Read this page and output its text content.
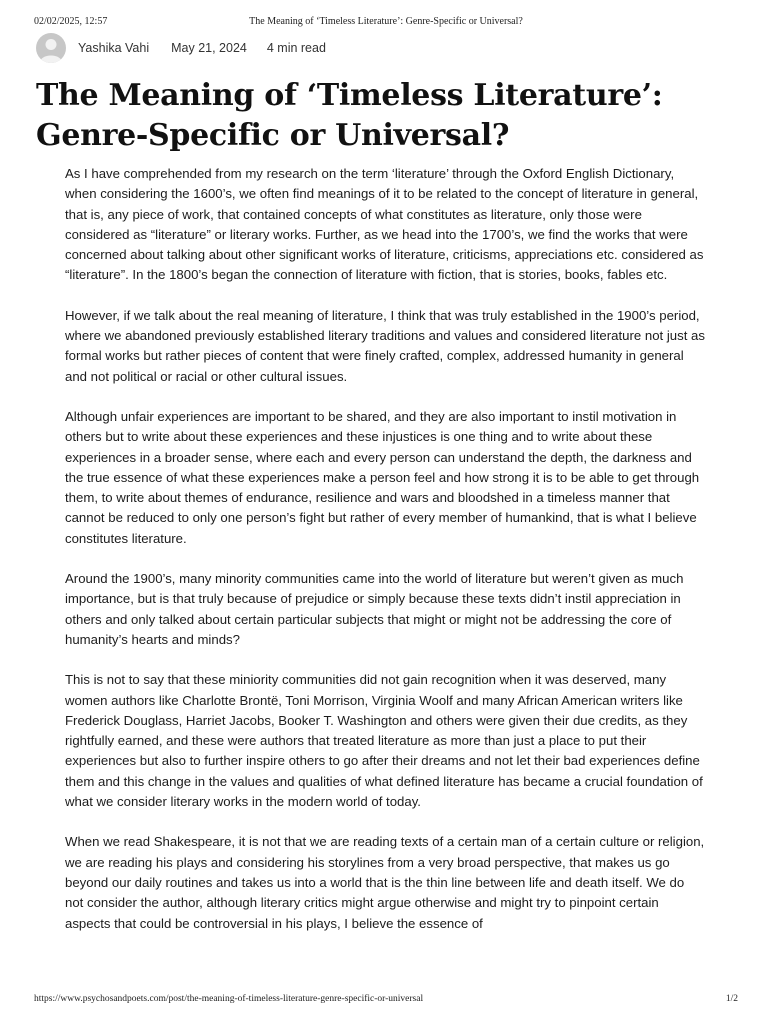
02/02/2025, 12:57	The Meaning of ‘Timeless Literature’: Genre-Specific or Universal?
Yashika Vahi May 21, 2024 4 min read
The Meaning of ‘Timeless Literature’: Genre-Specific or Universal?

As I have comprehended from my research on the term ‘literature’ through the Oxford English Dictionary, when considering the 1600’s, we often find meanings of it to be related to the concept of literature in general, that is, any piece of work, that contained concepts of what constitutes as literature, only those were considered as “literature” or literary works. Further, as we head into the 1700’s, we find the works that were concerned about talking about other significant works of literature, criticisms, appreciations etc. considered as “literature”. In the 1800’s began the connection of literature with fiction, that is stories, books, fables etc.

However, if we talk about the real meaning of literature, I think that was truly established in the 1900’s period, where we abandoned previously established literary traditions and values and considered literature not just as formal works but rather pieces of content that were finely crafted, complex, addressed humanity in general and not political or racial or other cultural issues.

Although unfair experiences are important to be shared, and they are also important to instil motivation in others but to write about these experiences and these injustices is one thing and to write about these experiences in a broader sense, where each and every person can understand the depth, the darkness and the true essence of what these experiences make a person feel and how strong it is to be able to get through them, to write about themes of endurance, resilience and wars and bloodshed in a timeless manner that cannot be reduced to only one person’s fight but rather of every member of humankind, that is what I believe constitutes literature.

Around the 1900’s, many minority communities came into the world of literature but weren’t given as much importance, but is that truly because of prejudice or simply because these texts didn’t instil appreciation in others and only talked about certain particular subjects that might or might not be addressing the core of humanity’s hearts and minds?

This is not to say that these miniority communities did not gain recognition when it was deserved, many women authors like Charlotte Brontë, Toni Morrison, Virginia Woolf and many African American writers like Frederick Douglass, Harriet Jacobs, Booker T. Washington and others were given their due credits, as they rightfully earned, and these were authors that treated literature as more than just a place to put their experiences but also to further inspire others to go after their dreams and not let their bad experiences define them and this change in the values and qualities of what defined literature has became a crucial foundation of what we consider literary works in the modern world of today.

When we read Shakespeare, it is not that we are reading texts of a certain man of a certain culture or religion, we are reading his plays and considering his storylines from a very broad perspective, that makes us go beyond our daily routines and takes us into a world that is the thin line between life and death itself. We do not consider the author, although literary critics might argue otherwise and might try to pinpoint certain aspects that could be controversial in his plays, I believe the essence of

https://www.psychosandpoets.com/post/the-meaning-of-timeless-literature-genre-specific-or-universal	1/2
